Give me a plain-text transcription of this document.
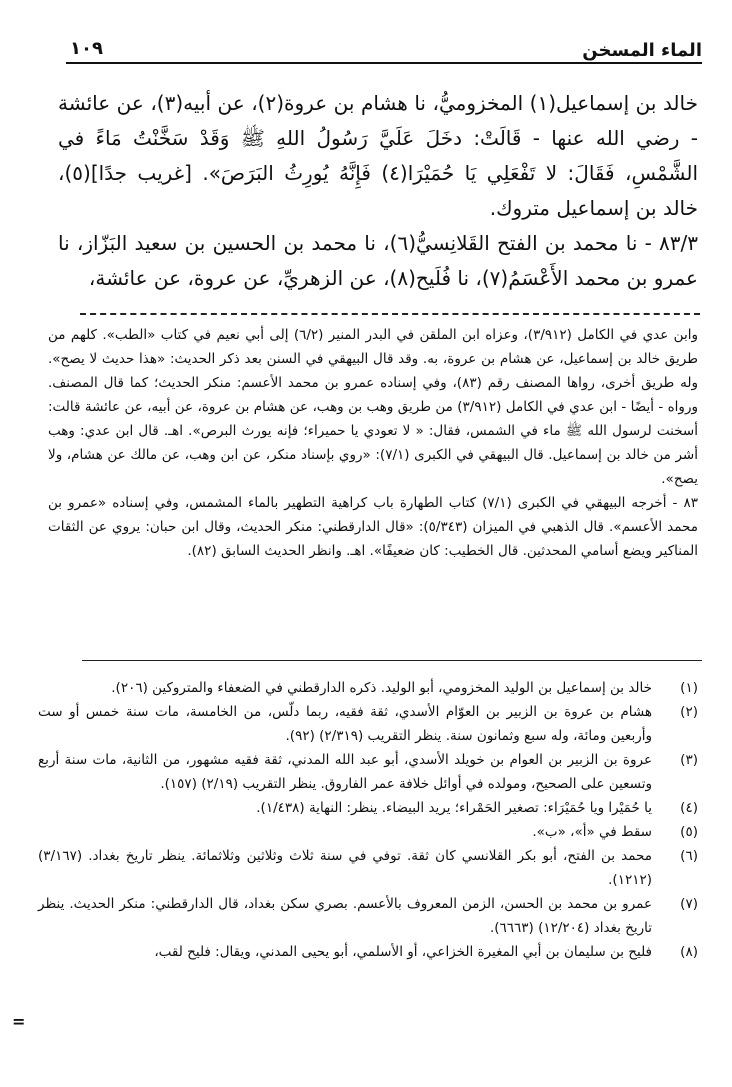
الماء المسخن
١٠٩

خالد بن إسماعيل(١) المخزوميُّ، نا هشام بن عروة(٢)، عن أبيه(٣)، عن عائشة - رضي الله عنها - قَالَتْ: دخَلَ عَلَيَّ رَسُولُ اللهِ ﷺ وَقَدْ سَخَّنْتُ مَاءً في الشَّمْسِ، فَقَالَ: لا تَفْعَلِي يَا حُمَيْرَا(٤) فَإِنَّهُ يُورِثُ البَرَصَ». [غريب جدًا](٥)، خالد بن إسماعيل متروك.

٨٣/٣ - نا محمد بن الفتح القَلانِسيُّ(٦)، نا محمد بن الحسين بن سعيد البَزّاز، نا عمرو بن محمد الأَعْسَمُ(٧)، نا فُلَيح(٨)، عن الزهريِّ، عن عروة، عن عائشة،

وابن عدي في الكامل (٣/٩١٢)، وعزاه ابن الملقن في البدر المنير (٦/٢) إلى أبي نعيم في كتاب «الطب». كلهم من طريق خالد بن إسماعيل، عن هشام بن عروة، به. وقد قال البيهقي في السنن بعد ذكر الحديث: «هذا حديث لا يصح». وله طريق أخرى، رواها المصنف رقم (٨٣)، وفي إسناده عمرو بن محمد الأعسم: منكر الحديث؛ كما قال المصنف. ورواه - أيضًا - ابن عدي في الكامل (٣/٩١٢) من طريق وهب بن وهب، عن هشام بن عروة، عن أبيه، عن عائشة قالت: أسخنت لرسول الله ﷺ ماء في الشمس، فقال: « لا تعودي يا حميراء؛ فإنه يورث البرص». اهـ. قال ابن عدي: وهب أشر من خالد بن إسماعيل. قال البيهقي في الكبرى (٧/١): «روي بإسناد منكر، عن ابن وهب، عن مالك عن هشام، ولا يصح».

٨٣ - أخرجه البيهقي في الكبرى (٧/١) كتاب الطهارة باب كراهية التطهير بالماء المشمس، وفي إسناده «عمرو بن محمد الأعسم». قال الذهبي في الميزان (٥/٣٤٣): «قال الدارقطني: منكر الحديث، وقال ابن حبان: يروي عن الثقات المناكير ويضع أسامي المحدثين. قال الخطيب: كان ضعيفًا». اهـ. وانظر الحديث السابق (٨٢).

(١)
خالد بن إسماعيل بن الوليد المخزومي، أبو الوليد. ذكره الدارقطني في الضعفاء والمتروكين (٢٠٦).
(٢)
هشام بن عروة بن الزبير بن العوّام الأسدي، ثقة فقيه، ربما دلّس، من الخامسة، مات سنة خمس أو ست وأربعين ومائة، وله سبع وثمانون سنة. ينظر التقريب (٢/٣١٩) (٩٢).
(٣)
عروة بن الزبير بن العوام بن خويلد الأسدي، أبو عبد الله المدني، ثقة فقيه مشهور، من الثانية، مات سنة أربع وتسعين على الصحيح، ومولده في أوائل خلافة عمر الفاروق. ينظر التقريب (٢/١٩) (١٥٧).
(٤)
يا حُمَيْرا ويا حُمَيْرَاء: تصغير الحَمْراء؛ يريد البيضاء. ينظر: النهاية (١/٤٣٨).
(٥)
سقط في «أ»، «ب».
(٦)
محمد بن الفتح، أبو بكر القلانسي كان ثقة. توفي في سنة ثلاث وثلاثين وثلاثمائة. ينظر تاريخ بغداد. (٣/١٦٧) (١٢١٢).
(٧)
عمرو بن محمد بن الحسن، الزمن المعروف بالأعسم. بصري سكن بغداد، قال الدارقطني: منكر الحديث. ينظر تاريخ بغداد (١٢/٢٠٤) (٦٦٦٣).
(٨)
فليح بن سليمان بن أبي المغيرة الخزاعي، أو الأسلمي، أبو يحيى المدني، ويقال: فليح لقب،
=
